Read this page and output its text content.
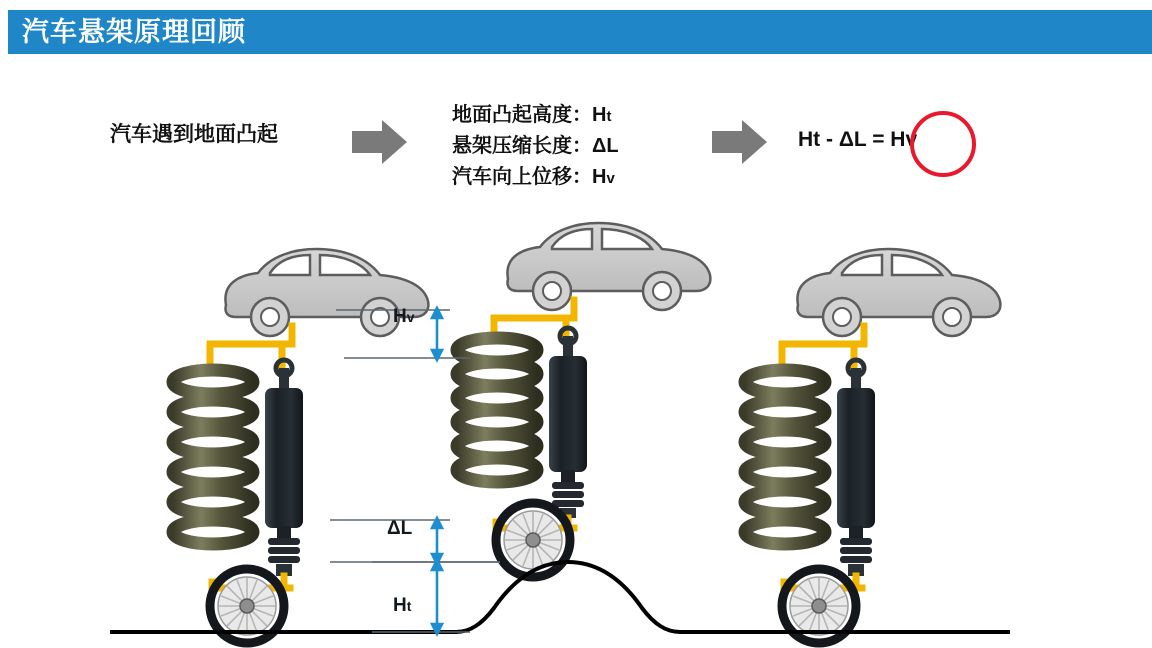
汽车悬架原理回顾
汽车遇到地面凸起
地面凸起高度：Ht
悬架压缩长度：ΔL
汽车向上位移：Hv
Ht - ΔL = Hv
Hv
ΔL
Ht
